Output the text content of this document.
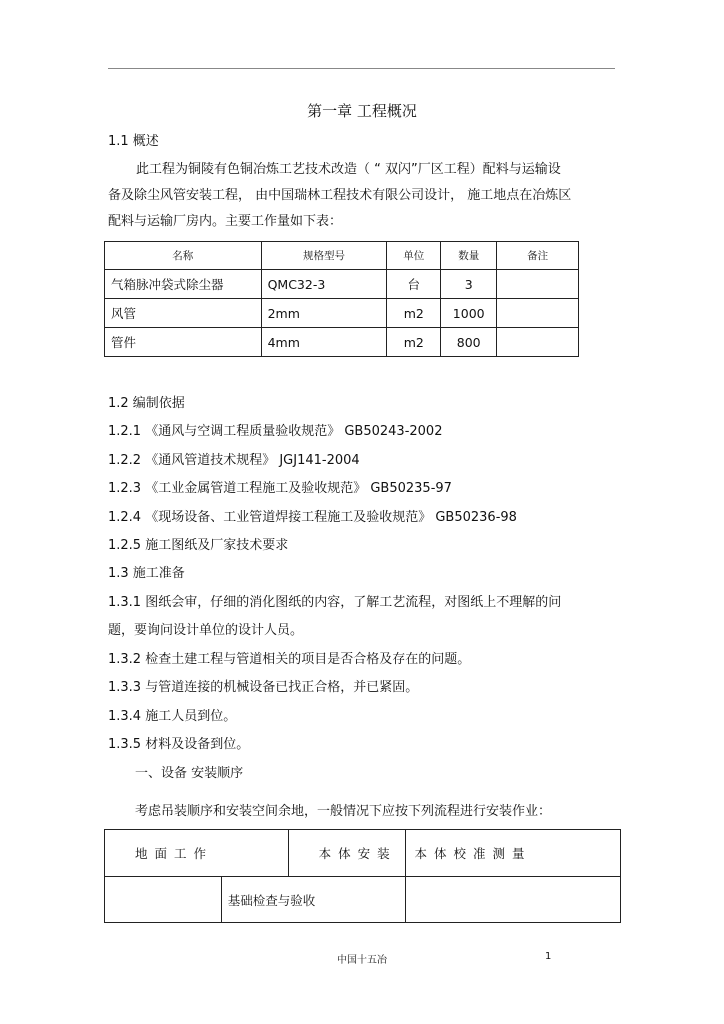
第一章 工程概况
1.1 概述
此工程为铜陵有色铜冶炼工艺技术改造（ “ 双闪”厂区工程）配料与运输设
备及除尘风管安装工程， 由中国瑞林工程技术有限公司设计， 施工地点在冶炼区
配料与运输厂房内。主要工作量如下表：
名称	规格型号	单位	数量	备注
气箱脉冲袋式除尘器	QMC32-3	台	3	
风管	2mm	m2	1000	
管件	4mm	m2	800	
1.2 编制依据
1.2.1 《通风与空调工程质量验收规范》 GB50243-2002
1.2.2 《通风管道技术规程》 JGJ141-2004
1.2.3 《工业金属管道工程施工及验收规范》 GB50235-97
1.2.4 《现场设备、工业管道焊接工程施工及验收规范》 GB50236-98
1.2.5 施工图纸及厂家技术要求
1.3 施工准备
1.3.1 图纸会审，仔细的消化图纸的内容，了解工艺流程，对图纸上不理解的问
题，要询问设计单位的设计人员。
1.3.2 检查土建工程与管道相关的项目是否合格及存在的问题。
1.3.3 与管道连接的机械设备已找正合格，并已紧固。
1.3.4 施工人员到位。
1.3.5 材料及设备到位。
一、设备 安装顺序
考虑吊装顺序和安装空间余地，一般情况下应按下列流程进行安装作业：
地面工作		本体安装	本体校准测量
	基础检查与验收		
中国十五冶	1
